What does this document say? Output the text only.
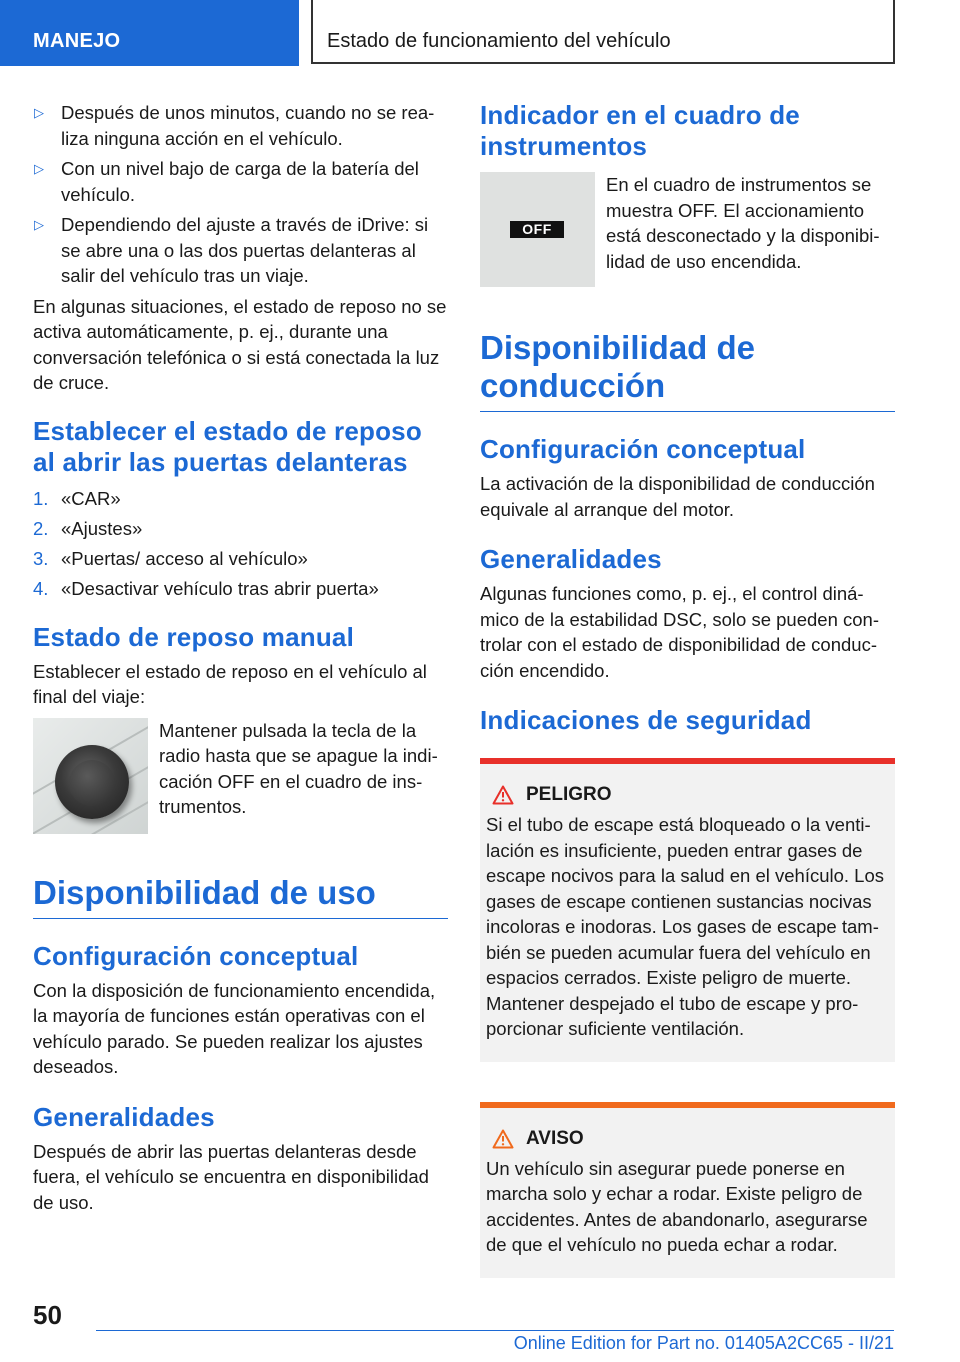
MANEJO	Estado de funcionamiento del vehículo
▷ Después de unos minutos, cuando no se realiza ninguna acción en el vehículo.
▷ Con un nivel bajo de carga de la batería del vehículo.
▷ Dependiendo del ajuste a través de iDrive: si se abre una o las dos puertas delanteras al salir del vehículo tras un viaje.

En algunas situaciones, el estado de reposo no se activa automáticamente, p. ej., durante una conversación telefónica o si está conectada la luz de cruce.

Establecer el estado de reposo al abrir las puertas delanteras
1. «CAR»
2. «Ajustes»
3. «Puertas/ acceso al vehículo»
4. «Desactivar vehículo tras abrir puerta»
Estado de reposo manual

Establecer el estado de reposo en el vehículo al final del viaje:

Mantener pulsada la tecla de la radio hasta que se apague la indicación OFF en el cuadro de instrumentos.
Disponibilidad de uso
Configuración conceptual

Con la disposición de funcionamiento encendida, la mayoría de funciones están operativas con el vehículo parado. Se pueden realizar los ajustes deseados.

Generalidades

Después de abrir las puertas delanteras desde fuera, el vehículo se encuentra en disponibilidad de uso.

Indicador en el cuadro de instrumentos
OFF
En el cuadro de instrumentos se muestra OFF. El accionamiento está desconectado y la disponibilidad de uso encendida.
Disponibilidad de conducción
Configuración conceptual

La activación de la disponibilidad de conducción equivale al arranque del motor.

Generalidades

Algunas funciones como, p. ej., el control dinámico de la estabilidad DSC, solo se pueden controlar con el estado de disponibilidad de conducción encendido.

Indicaciones de seguridad
PELIGRO

Si el tubo de escape está bloqueado o la ventilación es insuficiente, pueden entrar gases de escape nocivos para la salud en el vehículo. Los gases de escape contienen sustancias nocivas incoloras e inodoras. Los gases de escape también se pueden acumular fuera del vehículo en espacios cerrados. Existe peligro de muerte. Mantener despejado el tubo de escape y proporcionar suficiente ventilación.

AVISO

Un vehículo sin asegurar puede ponerse en marcha solo y echar a rodar. Existe peligro de accidentes. Antes de abandonarlo, asegurarse de que el vehículo no pueda echar a rodar.

50
Online Edition for Part no. 01405A2CC65 - II/21
